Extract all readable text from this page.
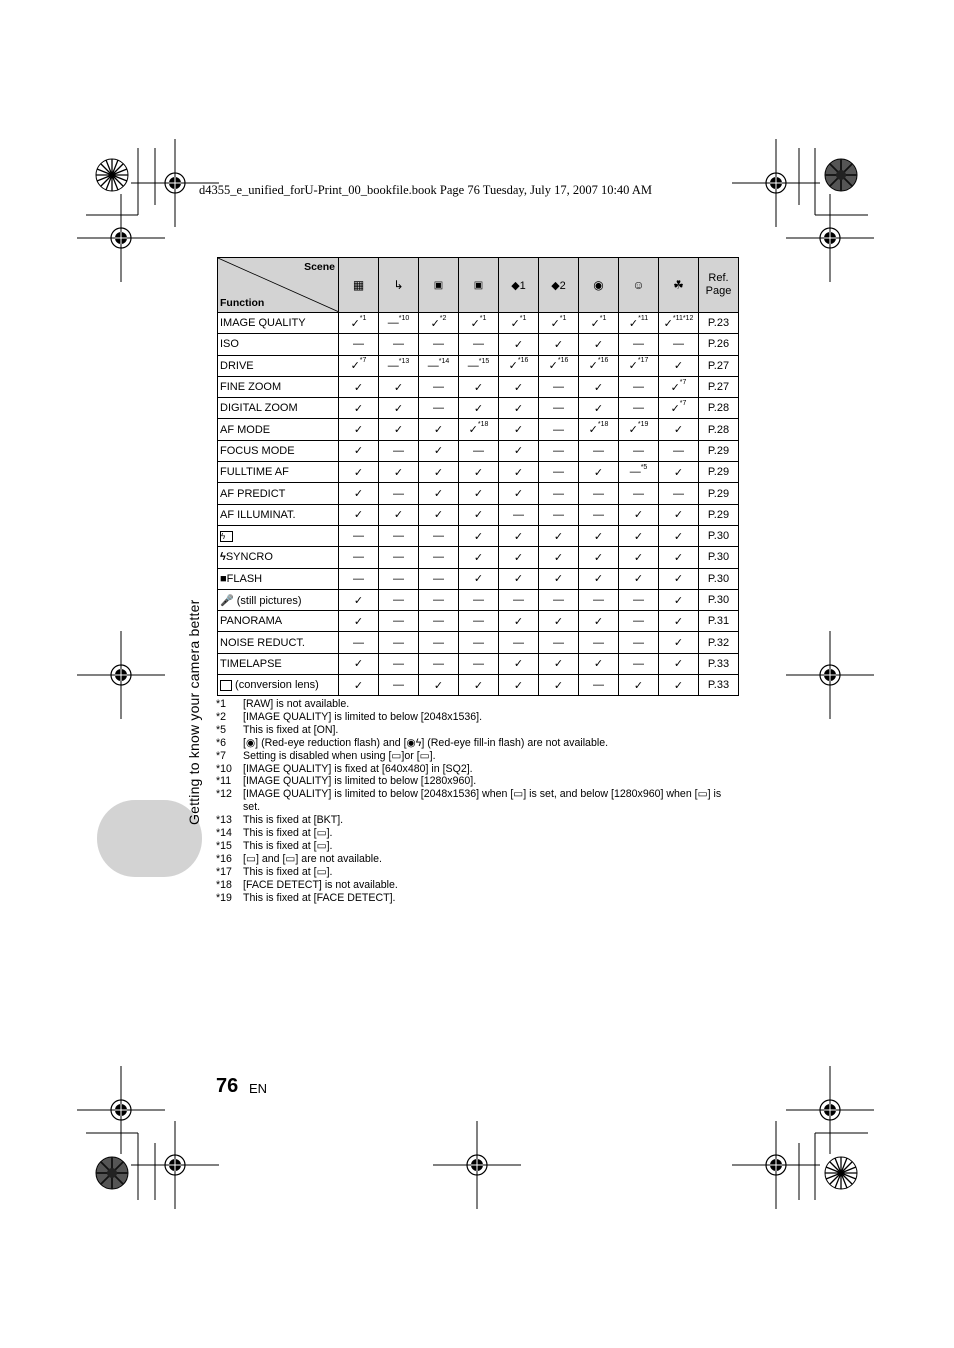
d4355_e_unified_forU-Print_00_bookfile.book Page 76 Tuesday, July 17, 2007 10:40 AM
Getting to know your camera better
Scene
Function	▦	↳	▣	▣	◆1	◆2	◉	☺	☘	Ref. Page
IMAGE QUALITY	✓$^{*1}$	—$^{*10}$	✓$^{*2}$	✓$^{*1}$	✓$^{*1}$	✓$^{*1}$	✓$^{*1}$	✓$^{*11}$	✓$^{*11*12}$	P.23
ISO	—	—	—	—	✓	✓	✓	—	—	P.26
DRIVE	✓$^{*7}$	—$^{*13}$	—$^{*14}$	—$^{*15}$	✓$^{*16}$	✓$^{*16}$	✓$^{*16}$	✓$^{*17}$	✓	P.27
FINE ZOOM	✓	✓	—	✓	✓	—	✓	—	✓$^{*7}$	P.27
DIGITAL ZOOM	✓	✓	—	✓	✓	—	✓	—	✓$^{*7}$	P.28
AF MODE	✓	✓	✓	✓$^{*18}$	✓	—	✓$^{*18}$	✓$^{*19}$	✓	P.28
FOCUS MODE	✓	—	✓	—	✓	—	—	—	—	P.29
FULLTIME AF	✓	✓	✓	✓	✓	—	✓	—$^{*5}$	✓	P.29
AF PREDICT	✓	—	✓	✓	✓	—	—	—	—	P.29
AF ILLUMINAT.	✓	✓	✓	✓	—	—	—	✓	✓	P.29
ϟ	—	—	—	✓	✓	✓	✓	✓	✓	P.30
ϟSYNCRO	—	—	—	✓	✓	✓	✓	✓	✓	P.30
■FLASH	—	—	—	✓	✓	✓	✓	✓	✓	P.30
🎤 (still pictures)	✓	—	—	—	—	—	—	—	✓	P.30
PANORAMA	✓	—	—	—	✓	✓	✓	—	✓	P.31
NOISE REDUCT.	—	—	—	—	—	—	—	—	✓	P.32
TIMELAPSE	✓	—	—	—	✓	✓	✓	—	✓	P.33
(conversion lens)	✓	—	✓	✓	✓	✓	—	✓	✓	P.33
*1	[RAW] is not available.
*2	[IMAGE QUALITY] is limited to below [2048x1536].
*5	This is fixed at [ON].
*6	[◉] (Red-eye reduction flash) and [◉ϟ] (Red-eye fill-in flash) are not available.
*7	Setting is disabled when using [▭]or [▭].
*10	[IMAGE QUALITY] is fixed at [640x480] in [SQ2].
*11	[IMAGE QUALITY] is limited to below [1280x960].
*12	[IMAGE QUALITY] is limited to below [2048x1536] when [▭] is set, and below [1280x960] when [▭] is set.
*13	This is fixed at [BKT].
*14	This is fixed at [▭].
*15	This is fixed at [▭].
*16	[▭] and [▭] are not available.
*17	This is fixed at [▭].
*18	[FACE DETECT] is not available.
*19	This is fixed at [FACE DETECT].
76 EN
